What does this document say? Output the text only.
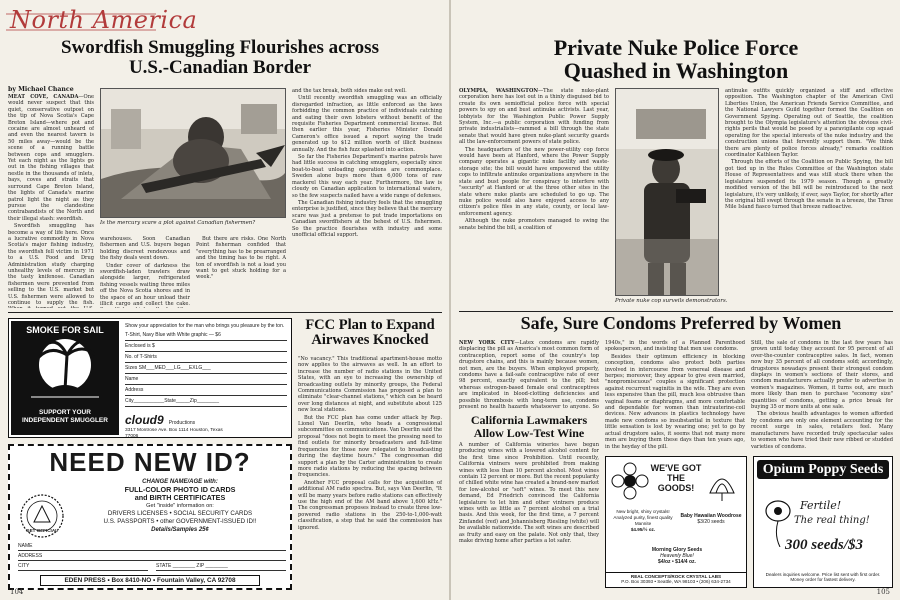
North America
Swordfish Smuggling Flourishes across U.S.-Canadian Border
by Michael Chance

MEAT COVE, CANADA—One would never suspect that this quiet, conservative outpost on the tip of Nova Scotia's Cape Breton Island—where pot and cocaine are almost unheard of and even the nearest tavern is 50 miles away—would be the scene of a running battle between cops and smugglers. Yet each night as the lights go out in the fishing villages that nestle in the thousands of inlets, bays, coves and straits that surround Cape Breton Island, the lights of Canada's marine patrol light the night as they pursue the clandestine contrabandists of the North and their illegal stash: swordfish.

Swordfish smuggling has become a way of life here. Once a lucrative commodity in Nova Scotia's major fishing industry, the swordfish fell victim in 1971 to a U.S. Food and Drug Administration study charging unhealthy levels of mercury in the tasty knifenose. Canadian fishermen were prevented from selling to the U.S. market but U.S. fishermen were allowed to continue to supply the fish.

Is the mercury scare a plot against Canadian fishermen?

warehouses. Soon Canadian fishermen and U.S. buyers began holding discreet rendezvous and the fishy deals went down.

Under cover of darkness the swordfish-laden trawlers draw alongside larger, refrigerated fishing vessels waiting three miles off the Nova Scotia shores and in the space of an hour unload their illicit cargo and collect the cake.

But there are risks. One North Point fisherman confided that "everything has to be prearranged and the timing has to be right. A ton of swordfish is not a load you want to get stuck holding for a week."

and the tax break, both sides make out well.

Until recently swordfish smuggling was an officially disregarded infraction, as little enforced as the laws forbidding the common practice of individuals catching and eating their own lobsters without benefit of the requisite Fisheries Department commercial license. But then earlier this year, Fisheries Minister Donald Cameron's office issued a report saying the trade generated up to $12 million worth of illicit business annually. And the fish fuzz splashed into action.

So far the Fisheries Department's marine patrols have had little success in catching smugglers, especially since boat-to-boat unloading operations are commonplace. Sweden alone buys more than 6,000 tons of raw mackerel this way each year. Furthermore, the law is cloudy on Canadian application to international waters, so the few suspects nailed have a wide range of defenses.

The Canadian fishing industry feels that the smuggling enterprise is justified, since they believe that the mercury scare was just a pretense to put trade importations on Canadian swordfishers at the behest of U.S. fishermen. So the practice flourishes with industry and some unofficial official support.

SMOKE FOR SAIL
SUPPORT YOUR INDEPENDENT SMUGGLER
Show your appreciation for the man who brings you pleasure by the ton.
T-Shirt, Navy Blue with White graphic — $6
Enclosed is $
No. of T-Shirts
Sizes SM___MED___LG___EXLG___
Name
Address
City___________State_____Zip________
cloud9 Productions
3317 Montrose Ave. Box 1114 Houston, Texas 77006
NEED NEW ID?
GET OFFICIAL
CHANGE NAME/AGE with:
FULL-COLOR PHOTO ID CARDS
and BIRTH CERTIFICATES
Get "inside" information on:
DRIVERS LICENSES • SOCIAL SECURITY CARDS
U.S. PASSPORTS • other GOVERNMENT-ISSUED ID!!
Details/Samples 25¢
NAME
ADDRESS
CITY	STATE ________ ZIP ________
EDEN PRESS • Box 8410-NO • Fountain Valley, CA 92708
FCC Plan to Expand Airwaves Knocked

"No vacancy." This traditional apartment-house motto now applies to the airwaves as well. In an effort to increase the number of radio stations in the United States, with an eye to increasing the ownership of broadcasting outlets by minority groups, the Federal Communications Commission has proposed a plan to eliminate "clear-channel stations," which can be heard over long distances at night, and substitute about 125 new local stations.

But the FCC plan has come under attack by Rep. Lionel Van Deerlin, who heads a congressional subcommittee on communications. Van Deerlin said the proposal "does not begin to meet the pressing need to find outlets for minority broadcasters and full-time frequencies for those now relegated to broadcasting during the daytime hours." The congressman did support a plan by the Carter administration to create more radio stations by reducing the spacing between frequencies.

Another FCC proposal calls for the acquisition of additional AM radio spectra. But, says Van Deerlin, "It will be many years before radio stations can effectively use the high end of the AM band above 1,600 kHz." The congressman proposes instead to create three low-powered radio stations in the 250-to-1,000-watt classification, a step that he said the commission has ignored.

104
Private Nuke Police Force Quashed in Washington

OLYMPIA, WASHINGTON—The state nuke-plant corporation here has lost out in a thinly disguised bid to create its own semiofficial police force with special powers to spy on and bust antinuke activists. Last year, lobbyists for the Washington Public Power Supply System, Inc.—a public corporation with funding from private industrialists—rammed a bill through the state senate that would have given nuke-plant security guards all the law-enforcement powers of state police.

The headquarters of the new power-utility cop force would have been at Hanford, where the Power Supply company operates a gigantic nuke facility and waste-storage site; the bill would have empowered the utility cops to infiltrate antinuke organizations anywhere in the state and bust people for conspiracy to interfere with "security" at Hanford or at the three other sites in the state where nuke plants are scheduled to go up. The nuke police would also have enjoyed access to any citizen's police files in any state, county, or local law-enforcement agency.

Although the nuke promoters managed to swing the senate behind the bill, a coalition of

Private nuke cop surveils demonstrators.

antinuke outfits quickly organized a stiff and effective opposition. The Washington chapter of the American Civil Liberties Union, the American Friends Service Committee, and the National Lawyers Guild together formed the Coalition on Government Spying. Operating out of Seattle, the coalition brought to the Olympia legislature's attention the obvious civil-rights perils that would be posed by a paravigilante cop squad operating for the special interests of the nuke industry and the construction unions that fervently support them. "We think there are plenty of police forces already," remarks coalition coordinator Kathleen Taylor.

Through the efforts of the Coalition on Public Spying, the bill got tied up in the Rules Committee of the Washington state House of Representatives and was still stuck there when the legislature suspended its 1979 season. Though a greatly modified version of the bill will be reintroduced to the next legislature, it's very unlikely, if ever, says Taylor, for shortly after the original bill swept through the senate in a breeze, the Three Mile Island fiasco turned that breeze radioactive.

Safe, Sure Condoms Preferred by Women

NEW YORK CITY—Latex condoms are rapidly displacing the pill as America's most common form of contraception, report some of the country's top drugstore chains, and this is mainly because women, not men, are the buyers. When employed properly, condoms have a fail-safe contraceptive rate of over 98 percent, exactly equivalent to the pill; but whereas estrogen-based female oral contraceptives are implicated in blood-clotting deficiencies and possible thrombosis with long-term use, condoms present no health hazards whatsoever to anyone. So

1940s," in the words of a Planned Parenthood spokesperson, and insisting that men use condoms.

Besides their optimum efficiency in blocking conception, condoms also protect both parties involved in intercourse from venereal disease and herpes; moreover, they appear to give even married, "nonpromiscuous" couples a significant protection against recurrent vaginitis in the wife. They are even less expensive than the pill, much less obtrusive than vaginal foams or diaphragms, and more comfortable and dependable for women than intrauterine-coil devices. New advances in plastics technology have made new condoms so insubstantial in texture that little sensation is lost by wearing one; yet to go by actual drugstore sales, it seems that not many more men are buying them these days than ten years ago, in the heyday of the pill.

Still, the sale of condoms in the last few years has grown until today they account for 95 percent of all over-the-counter contraceptive sales. In fact, women now buy 35 percent of all condoms sold; accordingly, drugstores nowadays present their strongest condom displays in women's sections of their stores, and condom manufacturers actually prefer to advertise in women's magazines. Women, it turns out, are much more likely than men to purchase "economy size" quantities of condoms, getting a price break for buying 35 or more units at one sale.

The obvious health advantages to women afforded by condoms are only one element accounting for the recent surge in sales, retailers feel. Many manufacturers have recorded truly spectacular sales to women who have tried their new ribbed or studded varieties of condoms.

California Lawmakers Allow Low-Test Wine

A number of California wineries have begun producing wines with a lowered alcohol content for the first time since Prohibition. Until recently, California vintners were prohibited from making wines with less than 10 percent alcohol. Most wines contain 12 percent or more. But the recent popularity of chilled white wine has created a brand-new market for low-alcohol or "soft" wines. To meet this new demand, Ed Friedrich convinced the California legislature to let him and other vintners produce wines with as little as 7 percent alcohol on a trial basis. And this week, for the first time, a 7 percent Zinfandel (red) and Johannisberg Riesling (white) will be available nationwide. The soft wines are described as fruity and easy on the palate. Not only that, they make driving home after parties a lot safer.

WE'VE GOT THE GOODS!
New bright, shiny crystals! Analyzed purity, finest quality Mannite
$4.95/½ oz.
Baby Hawaiian Woodrose
$3/20 seeds
Morning Glory Seeds
Heavenly Blue!
$4/oz • $14/4 oz.
REAL CONCEPTS/ROCK CRYSTAL LABS
P.O. Box 30393 • Seattle, WA 98103 • (206) 634-2734
Opium Poppy Seeds
Fertile!
The real thing!
300 seeds/$3
Dealers inquiries welcome. Price list sent with first order. Money order for fastest delivery.
105
